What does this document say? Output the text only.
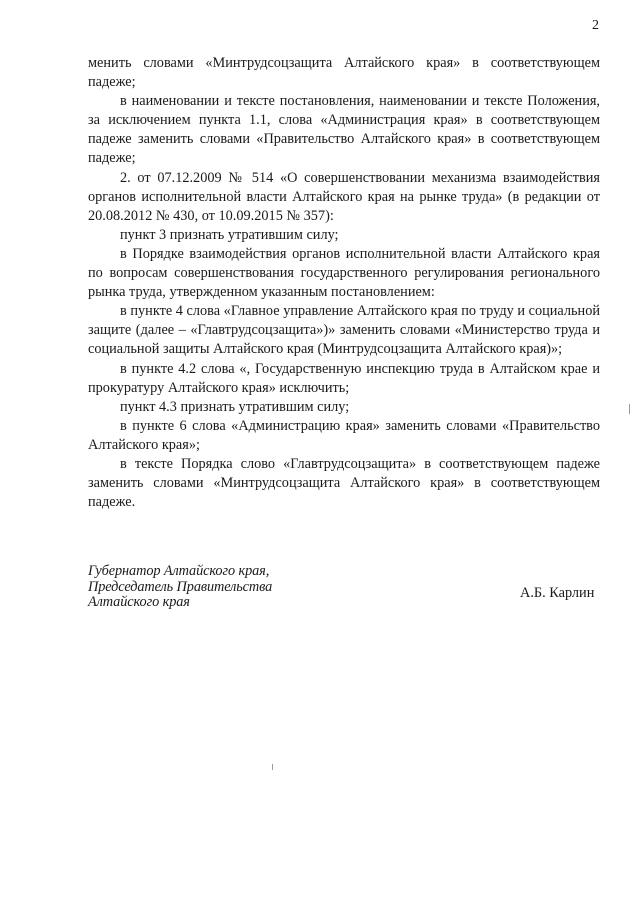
2

менить словами «Минтрудсоцзащита Алтайского края» в соответствующем падеже;

в наименовании и тексте постановления, наименовании и тексте Положения, за исключением пункта 1.1, слова «Администрация края» в соответствующем падеже заменить словами «Правительство Алтайского края» в соответствующем падеже;

2. от 07.12.2009 № 514 «О совершенствовании механизма взаимодействия органов исполнительной власти Алтайского края на рынке труда» (в редакции от 20.08.2012 № 430, от 10.09.2015 № 357):

пункт 3 признать утратившим силу;

в Порядке взаимодействия органов исполнительной власти Алтайского края по вопросам совершенствования государственного регулирования регионального рынка труда, утвержденном указанным постановлением:

в пункте 4 слова «Главное управление Алтайского края по труду и социальной защите (далее – «Главтрудсоцзащита»)» заменить словами «Министерство труда и социальной защиты Алтайского края (Минтрудсоцзащита Алтайского края)»;

в пункте 4.2 слова «, Государственную инспекцию труда в Алтайском крае и прокуратуру Алтайского края» исключить;

пункт 4.3 признать утратившим силу;

в пункте 6 слова «Администрацию края» заменить словами «Правительство Алтайского края»;

в тексте Порядка слово «Главтрудсоцзащита» в соответствующем падеже заменить словами «Минтрудсоцзащита Алтайского края» в соответствующем падеже.

Губернатор Алтайского края,
Председатель Правительства
Алтайского края
А.Б. Карлин
